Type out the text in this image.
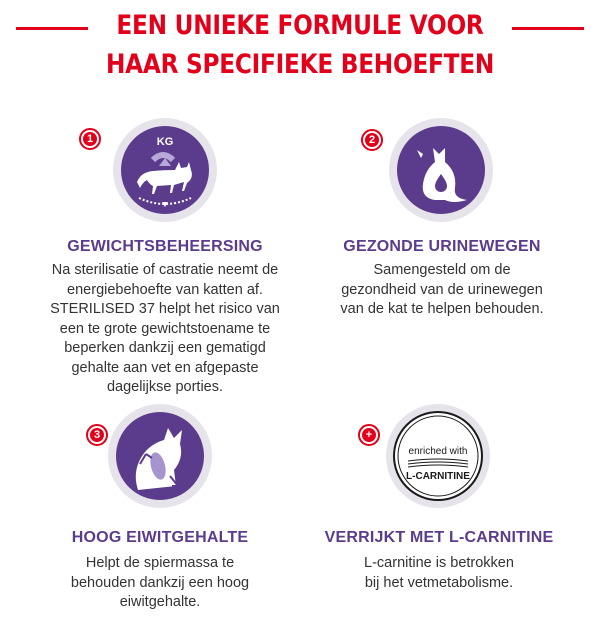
EEN UNIEKE FORMULE VOOR
HAAR SPECIFIEKE BEHOEFTEN
KG
1
GEWICHTSBEHEERSING
Na sterilisatie of castratie neemt de
energiebehoefte van katten af.
STERILISED 37 helpt het risico van
een te grote gewichtstoename te
beperken dankzij een gematigd
gehalte aan vet en afgepaste
dagelijkse porties.
2
GEZONDE URINEWEGEN
Samengesteld om de
gezondheid van de urinewegen
van de kat te helpen behouden.
3
HOOG EIWITGEHALTE
Helpt de spiermassa te
behouden dankzij een hoog
eiwitgehalte.
enriched with
L-CARNITINE
+
VERRIJKT MET L-CARNITINE
L-carnitine is betrokken
bij het vetmetabolisme.
